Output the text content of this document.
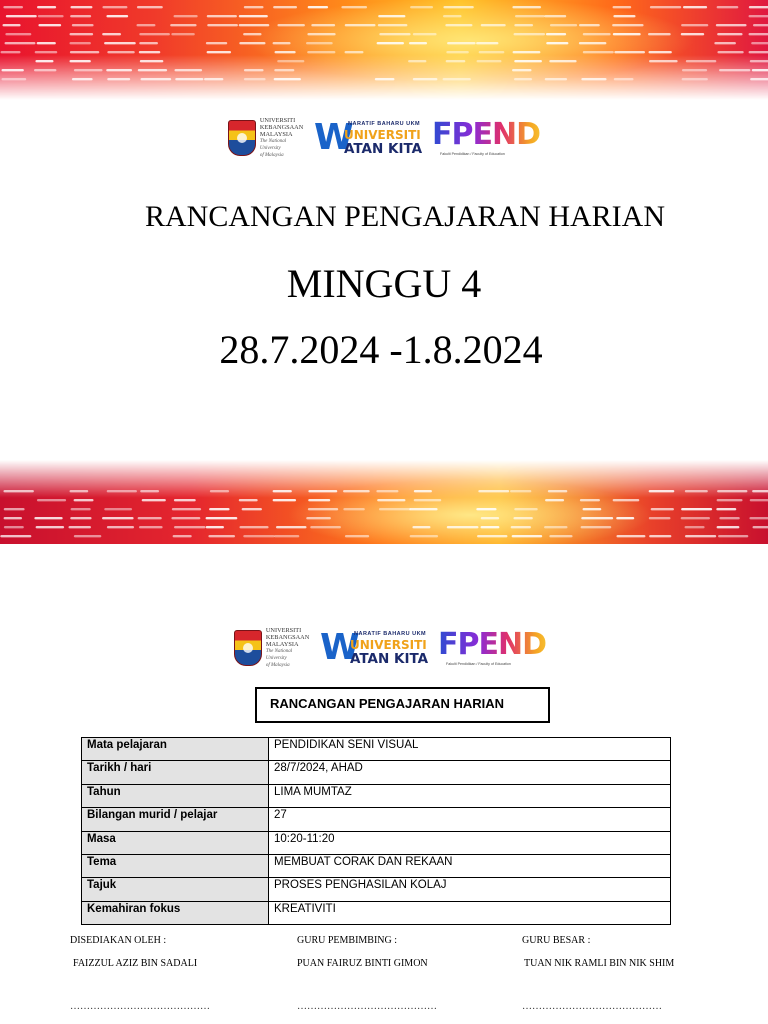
UNIVERSITI
KEBANGSAAN
MALAYSIA
The National University
of Malaysia W
NARATIF BAHARU UKM
UNIVERSITI
ATAN KITA FPEND
Fakulti Pendidikan / Faculty of Education
RANCANGAN PENGAJARAN HARIAN
MINGGU 4
28.7.2024 -1.8.2024
UNIVERSITI
KEBANGSAAN
MALAYSIA
The National University
of Malaysia W
NARATIF BAHARU UKM
UNIVERSITI
ATAN KITA FPEND
Fakulti Pendidikan / Faculty of Education
RANCANGAN PENGAJARAN HARIAN
Mata pelajaran	PENDIDIKAN SENI VISUAL
Tarikh / hari	28/7/2024, AHAD
Tahun	LIMA MUMTAZ
Bilangan murid / pelajar	27
Masa	10:20-11:20
Tema	MEMBUAT CORAK DAN REKAAN
Tajuk	PROSES PENGHASILAN KOLAJ
Kemahiran fokus	KREATIVITI
DISEDIAKAN OLEH :
FAIZZUL AZIZ BIN SADALI
……………………………………
GURU PEMBIMBING :
PUAN FAIRUZ BINTI GIMON
……………………………………
GURU BESAR :
TUAN NIK RAMLI BIN NIK SHIM
……………………………………
